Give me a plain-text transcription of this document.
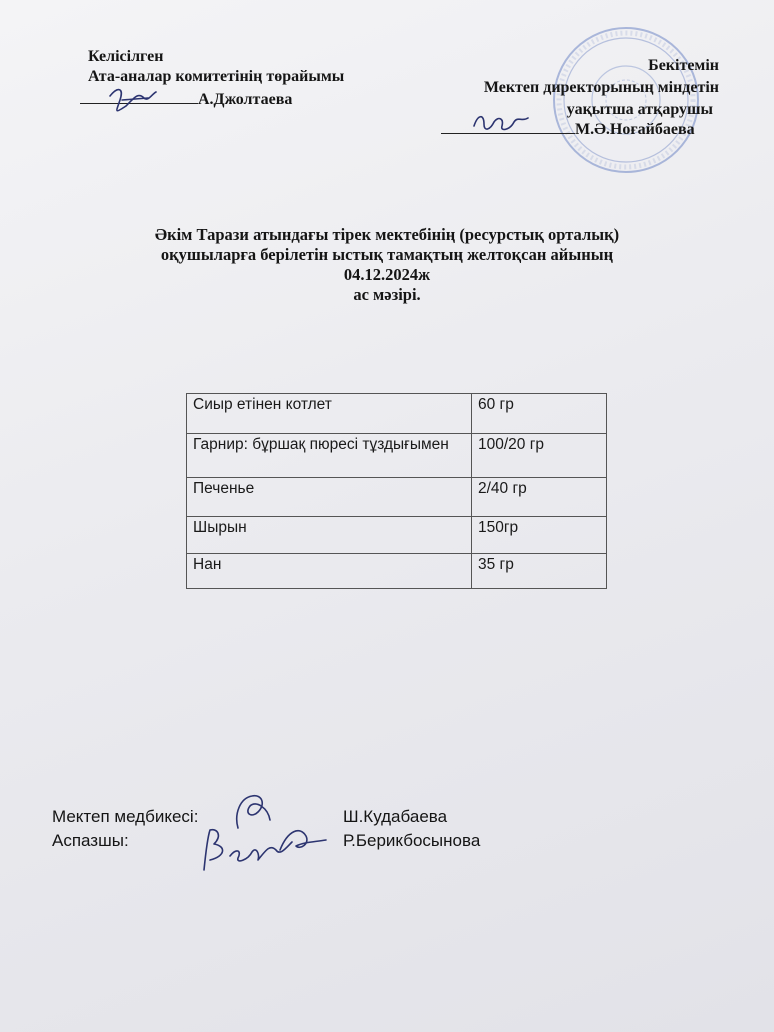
Келісілген
Ата-аналар комитетінің төрайымы
А.Джолтаева
Бекітемін
Мектеп директорының міндетін
уақытша атқарушы
М.Ә.Ноғайбаева
Әкім Тарази атындағы тірек мектебінің (ресурстық орталық)
оқушыларға берілетін ыстық тамақтың желтоқсан айының
04.12.2024ж
ас мәзірі.
Сиыр етінен котлет	60 гр
Гарнир: бұршақ пюресі тұздығымен	100/20 гр
Печенье	2/40 гр
Шырын	150гр
Нан	35 гр
Мектеп медбикесі:	Ш.Кудабаева
Аспазшы:	Р.Берикбосынова
